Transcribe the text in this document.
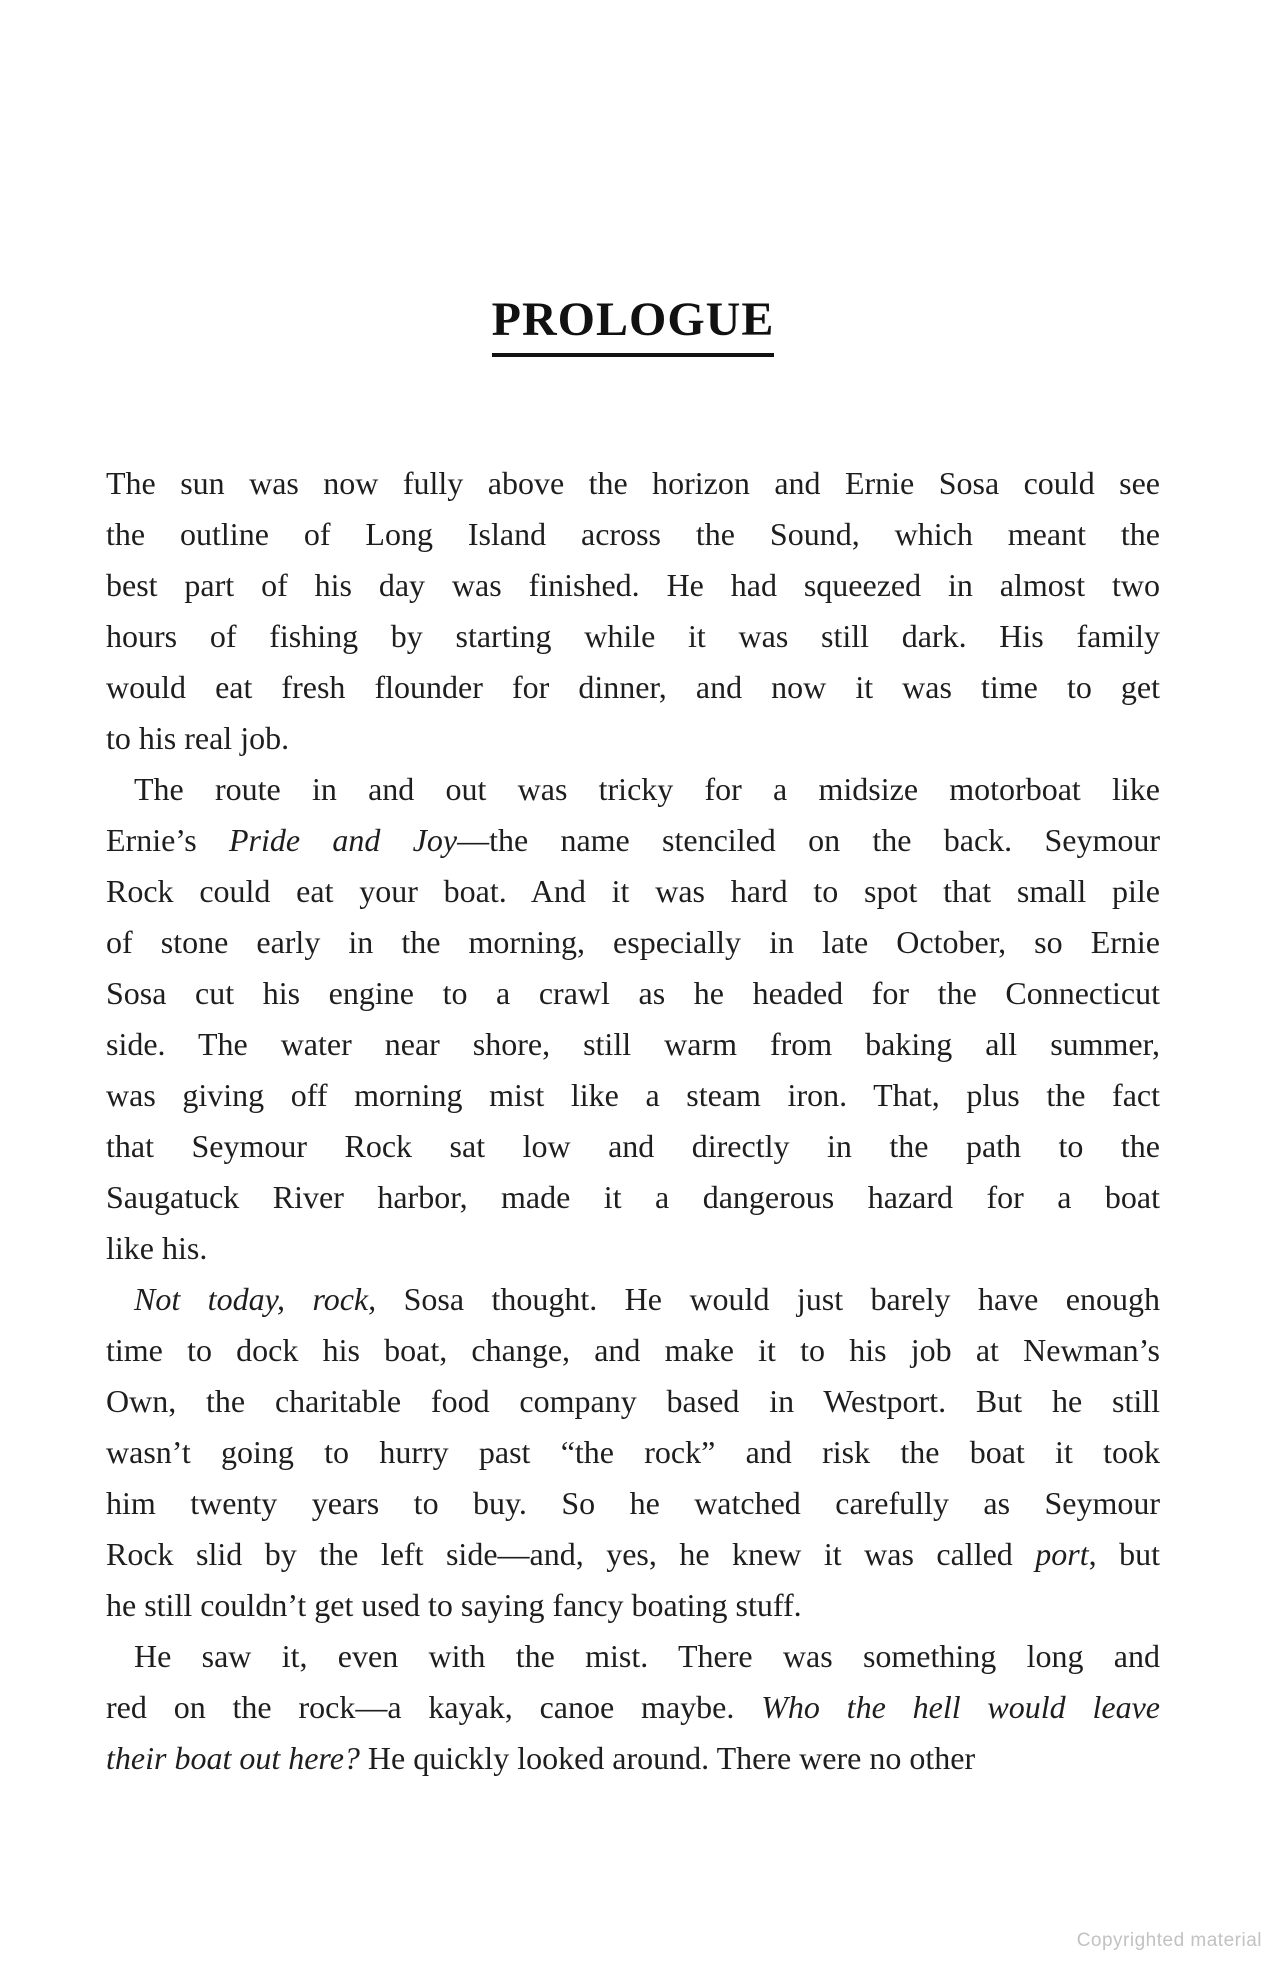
PROLOGUE
The sun was now fully above the horizon and Ernie Sosa could see
the outline of Long Island across the Sound, which meant the
best part of his day was finished. He had squeezed in almost two
hours of fishing by starting while it was still dark. His family
would eat fresh flounder for dinner, and now it was time to get
to his real job.
The route in and out was tricky for a midsize motorboat like
Ernie’s Pride and Joy—the name stenciled on the back. Seymour
Rock could eat your boat. And it was hard to spot that small pile
of stone early in the morning, especially in late October, so Ernie
Sosa cut his engine to a crawl as he headed for the Connecticut
side. The water near shore, still warm from baking all summer,
was giving off morning mist like a steam iron. That, plus the fact
that Seymour Rock sat low and directly in the path to the
Saugatuck River harbor, made it a dangerous hazard for a boat
like his.
Not today, rock, Sosa thought. He would just barely have enough
time to dock his boat, change, and make it to his job at Newman’s
Own, the charitable food company based in Westport. But he still
wasn’t going to hurry past “the rock” and risk the boat it took
him twenty years to buy. So he watched carefully as Seymour
Rock slid by the left side—and, yes, he knew it was called port, but
he still couldn’t get used to saying fancy boating stuff.
He saw it, even with the mist. There was something long and
red on the rock—a kayak, canoe maybe. Who the hell would leave
their boat out here? He quickly looked around. There were no other
Copyrighted material
